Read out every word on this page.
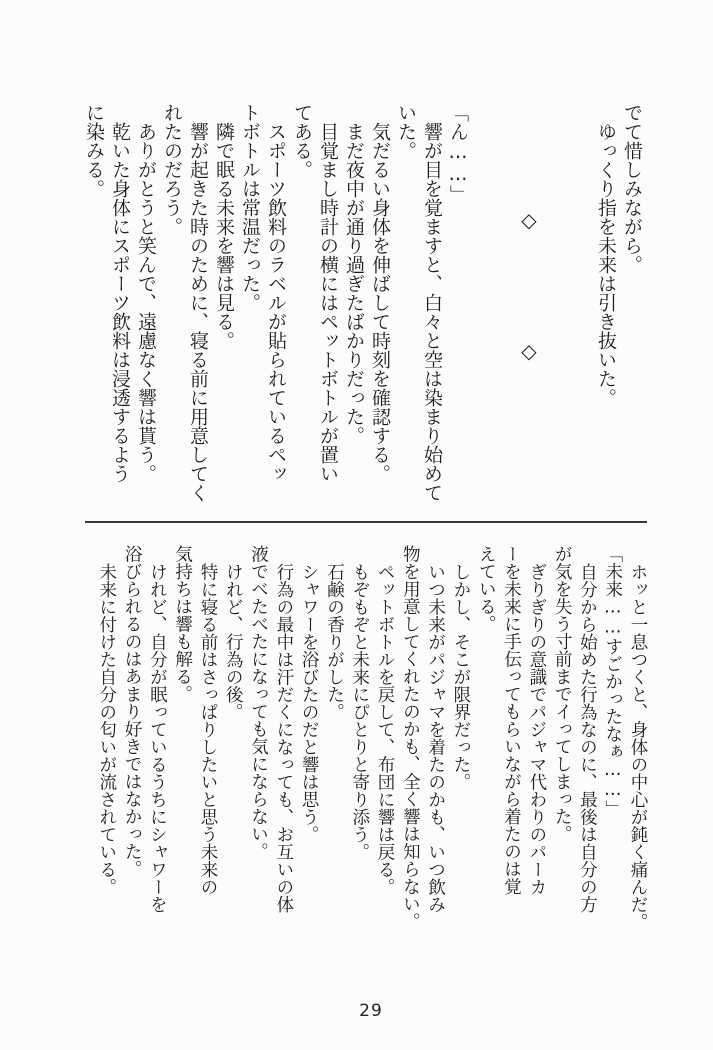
でて惜しみながら。

ゆっくり指を未来は引き抜いた。

◇◇

「ん……」

響が目を覚ますと、白々と空は染まり始めて

いた。

気だるい身体を伸ばして時刻を確認する。

まだ夜中が通り過ぎたばかりだった。

目覚まし時計の横にはペットボトルが置い

てある。

スポーツ飲料のラベルが貼られているペッ

トボトルは常温だった。

隣で眠る未来を響は見る。

響が起きた時のために、寝る前に用意してく

れたのだろう。

ありがとうと笑んで、遠慮なく響は貰う。

乾いた身体にスポーツ飲料は浸透するよう

に染みる。

ホッと一息つくと、身体の中心が鈍く痛んだ。

「未来……すごかったなぁ……」

自分から始めた行為なのに、最後は自分の方

が気を失う寸前までイってしまった。

ぎりぎりの意識でパジャマ代わりのパーカ

ーを未来に手伝ってもらいながら着たのは覚

えている。

しかし、そこが限界だった。

いつ未来がパジャマを着たのかも、いつ飲み

物を用意してくれたのかも、全く響は知らない。

ペットボトルを戻して、布団に響は戻る。

もぞもぞと未来にぴとりと寄り添う。

石鹸の香りがした。

シャワーを浴びたのだと響は思う。

行為の最中は汗だくになっても、お互いの体

液でべたべたになっても気にならない。

けれど、行為の後。

特に寝る前はさっぱりしたいと思う未来の

気持ちは響も解る。

けれど、自分が眠っているうちにシャワーを

浴びられるのはあまり好きではなかった。

未来に付けた自分の匂いが流されている。

29
